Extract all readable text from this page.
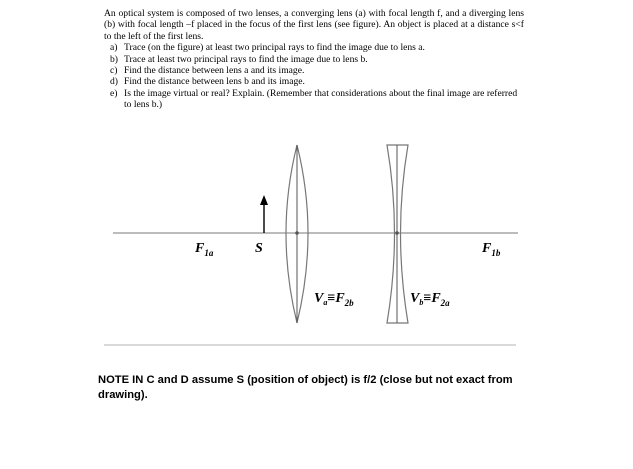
An optical system is composed of two lenses, a converging lens (a) with focal length f, and a diverging lens (b) with focal length –f placed in the focus of the first lens (see figure). An object is placed at a distance s<f to the left of the first lens.

a) Trace (on the figure) at least two principal rays to find the image due to lens a.
b) Trace at least two principal rays to find the image due to lens b.
c) Find the distance between lens a and its image.
d) Find the distance between lens b and its image.
e) Is the image virtual or real? Explain. (Remember that considerations about the final image are referred to lens b.)
$F_{1a}$	S	$F_{1b}$
$V_a\equiv F_{2b}$	$V_b\equiv F_{2a}$
NOTE IN C and D assume S (position of object) is f/2 (close but not exact from drawing).
